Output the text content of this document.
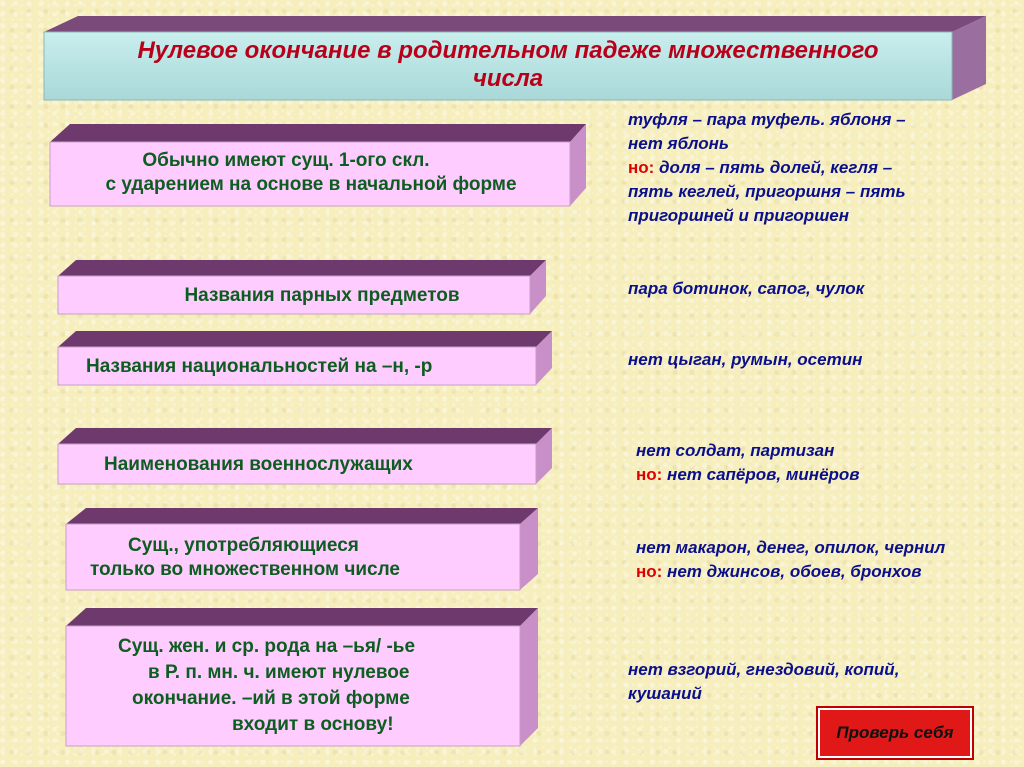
Нулевое окончание в родительном падеже множественного
числа
Обычно имеют сущ. 1-ого скл.
с ударением на основе в начальной форме
Названия парных предметов
Названия национальностей на –н, -р
Наименования военнослужащих
Сущ., употребляющиеся
только во множественном числе
Сущ. жен. и ср. рода на –ья/ -ье
в Р. п. мн. ч. имеют нулевое
окончание. –ий в этой форме
входит в основу!
туфля – пара туфель. яблоня –
нет яблонь
но: доля – пять долей, кегля –
пять кеглей, пригоршня – пять
пригоршней и пригоршен
пара ботинок, сапог, чулок
нет цыган, румын, осетин
нет солдат, партизан
но: нет сапёров, минёров
нет макарон, денег, опилок, чернил
но: нет джинсов, обоев, бронхов
нет взгорий, гнездовий, копий,
кушаний
Проверь себя
